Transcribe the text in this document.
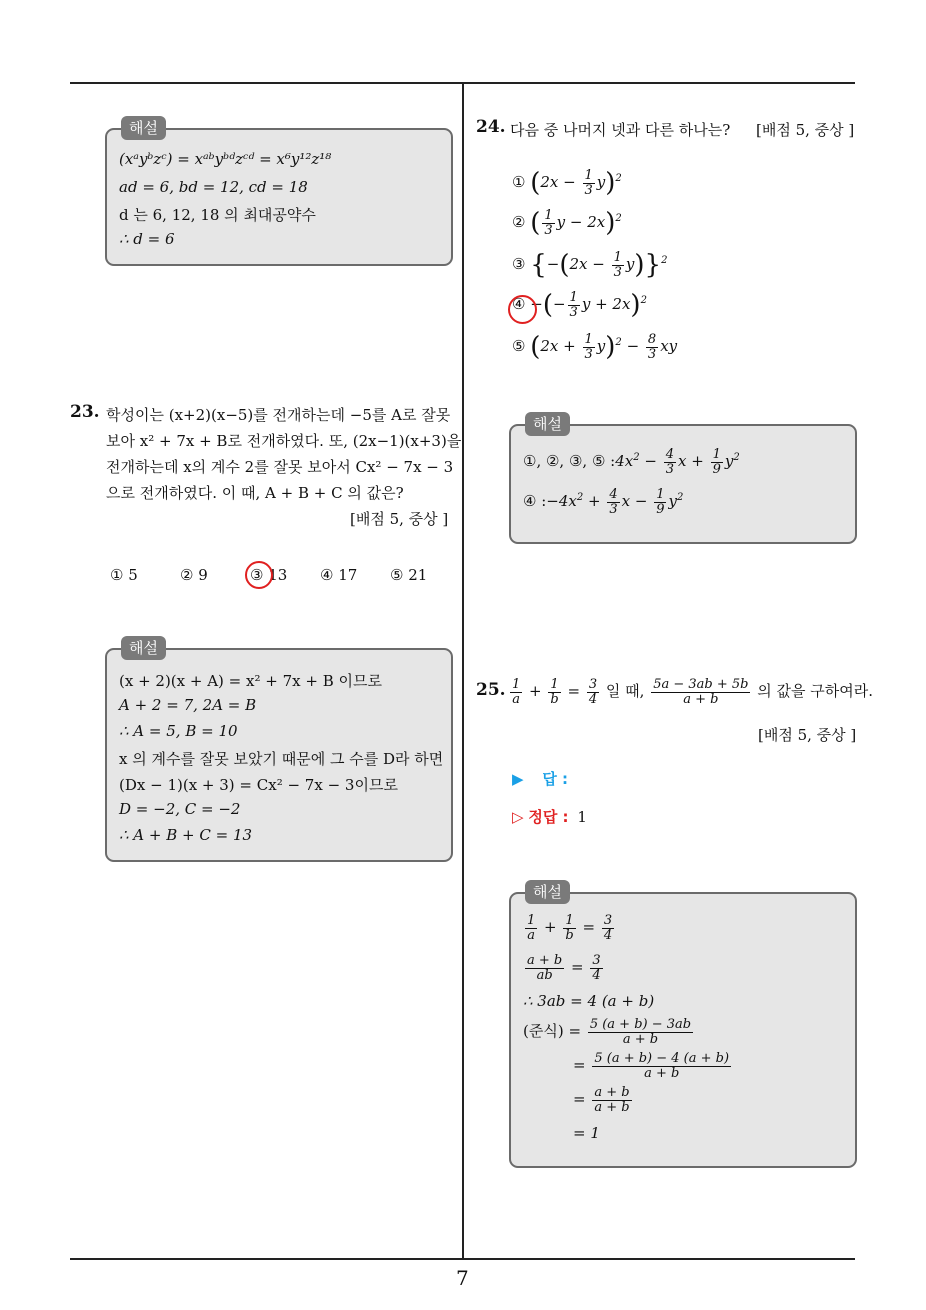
7
해설
(xᵃyᵇzᶜ) = xᵃᵇyᵇᵈzᶜᵈ = x⁶y¹²z¹⁸
ad = 6, bd = 12, cd = 18
d 는 6, 12, 18 의 최대공약수
∴ d = 6
23. 학성이는 (x+2)(x−5)를 전개하는데 −5를 A로 잘못
보아 x² + 7x + B로 전개하였다. 또, (2x−1)(x+3)을
전개하는데 x의 계수 2를 잘못 보아서 Cx² − 7x − 3
으로 전개하였다. 이 때, A + B + C 의 값은?
[배점 5, 중상 ]
① 5	② 9	③ 13 ④ 17 ⑤ 21
해설
(x + 2)(x + A) = x² + 7x + B 이므로
A + 2 = 7, 2A = B
∴ A = 5, B = 10
x 의 계수를 잘못 보았기 때문에 그 수를 D라 하면
(Dx − 1)(x + 3) = Cx² − 7x − 3이므로
D = −2, C = −2
∴ A + B + C = 13
24. 다음 중 나머지 넷과 다른 하나는? [배점 5, 중상 ]
① $(2x - \frac{1}{3} y)^2$
② ( $\frac{1}{3}$ y − 2x)$^2$
③ $\{-(2x - \frac{1}{3} y)\}^2$
④ −(− $\frac{1}{3}$ y + 2x)$^2$
⑤ $(2x + \frac{1}{3} y)^2 - \frac{8}{3}$ xy
해설
①, ②, ③, ⑤ $:4x^2 - \frac{4}{3}$ $x + \frac{1}{9} y^2$
④ $:-4x^2 + \frac{4}{3}$ $x - \frac{1}{9} y^2$
25. $\frac{1}{a} + \frac{1}{b} = \frac{3}{4}$ 일 때, $\frac{5a - 3ab + 5b}{a + b}$ 의 값을 구하여라.
[배점 5, 중상 ]
▶ 답 :
▷ 정답 : 1
해설
$\frac{1}{a} + \frac{1}{b} = \frac{3}{4}$
$\frac{a + b}{ab} = \frac{3}{4}$
∴ 3ab = 4 (a + b)
(준식) = $\frac{5 (a + b) - 3ab}{a + b}$
= $\frac{5 (a + b) - 4 (a + b)}{a + b}$
= $\frac{a + b}{a + b}$
= 1
